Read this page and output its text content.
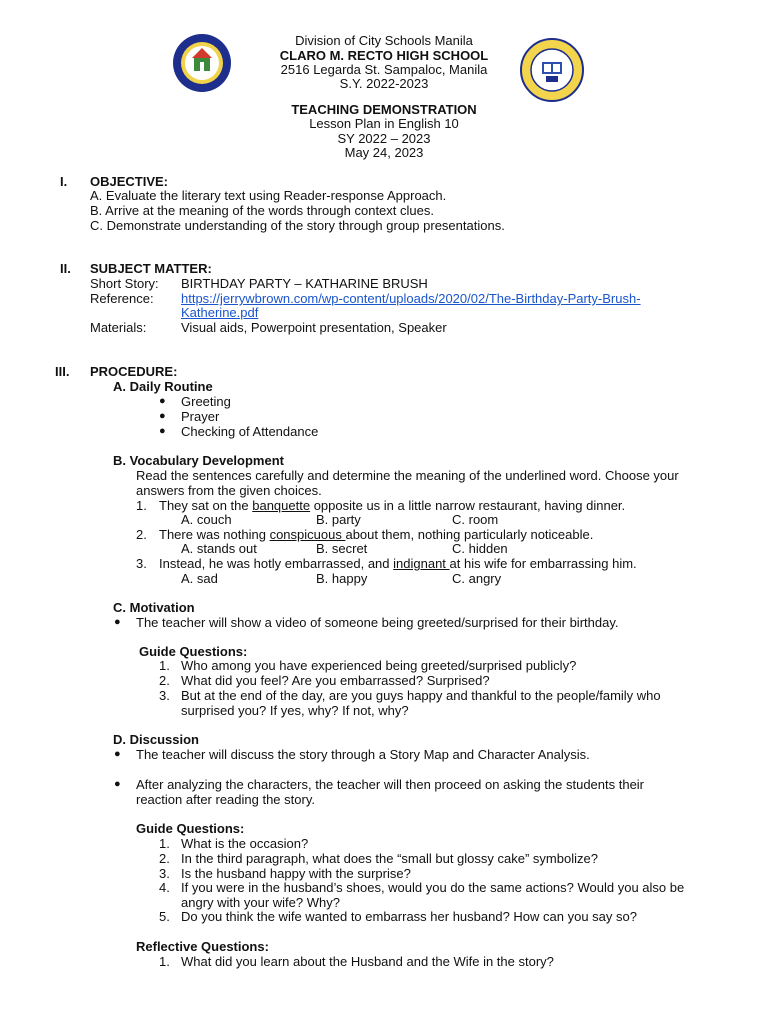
Division of City Schools Manila
CLARO M. RECTO HIGH SCHOOL
2516 Legarda St. Sampaloc, Manila
S.Y. 2022-2023
TEACHING DEMONSTRATION
Lesson Plan in English 10
SY 2022 – 2023
May 24, 2023
I. OBJECTIVE:
A. Evaluate the literary text using Reader-response Approach.
B. Arrive at the meaning of the words through context clues.
C. Demonstrate understanding of the story through group presentations.
II. SUBJECT MATTER:
Short Story: BIRTHDAY PARTY – KATHARINE BRUSH
Reference: https://jerrywbrown.com/wp-content/uploads/2020/02/The-Birthday-Party-Brush-
Katherine.pdf
Materials:	Visual aids, Powerpoint presentation, Speaker
III. PROCEDURE:
A. Daily Routine
● Greeting
● Prayer
● Checking of Attendance
B. Vocabulary Development
Read the sentences carefully and determine the meaning of the underlined word. Choose your
answers from the given choices.
1. They sat on the banquette opposite us in a little narrow restaurant, having dinner.
A. couch	B. party	C. room
2. There was nothing conspicuous about them, nothing particularly noticeable.
A. stands out	B. secret	C. hidden
3. Instead, he was hotly embarrassed, and indignant at his wife for embarrassing him.
A. sad	B. happy	C. angry
C. Motivation
● The teacher will show a video of someone being greeted/surprised for their birthday.
Guide Questions:
1. Who among you have experienced being greeted/surprised publicly?
2. What did you feel? Are you embarrassed? Surprised?
3. But at the end of the day, are you guys happy and thankful to the people/family who
surprised you? If yes, why? If not, why?
D. Discussion
● The teacher will discuss the story through a Story Map and Character Analysis.
● After analyzing the characters, the teacher will then proceed on asking the students their
reaction after reading the story.
Guide Questions:
1. What is the occasion?
2. In the third paragraph, what does the “small but glossy cake” symbolize?
3. Is the husband happy with the surprise?
4. If you were in the husband’s shoes, would you do the same actions? Would you also be
angry with your wife? Why?
5. Do you think the wife wanted to embarrass her husband? How can you say so?
Reflective Questions:
1. What did you learn about the Husband and the Wife in the story?
